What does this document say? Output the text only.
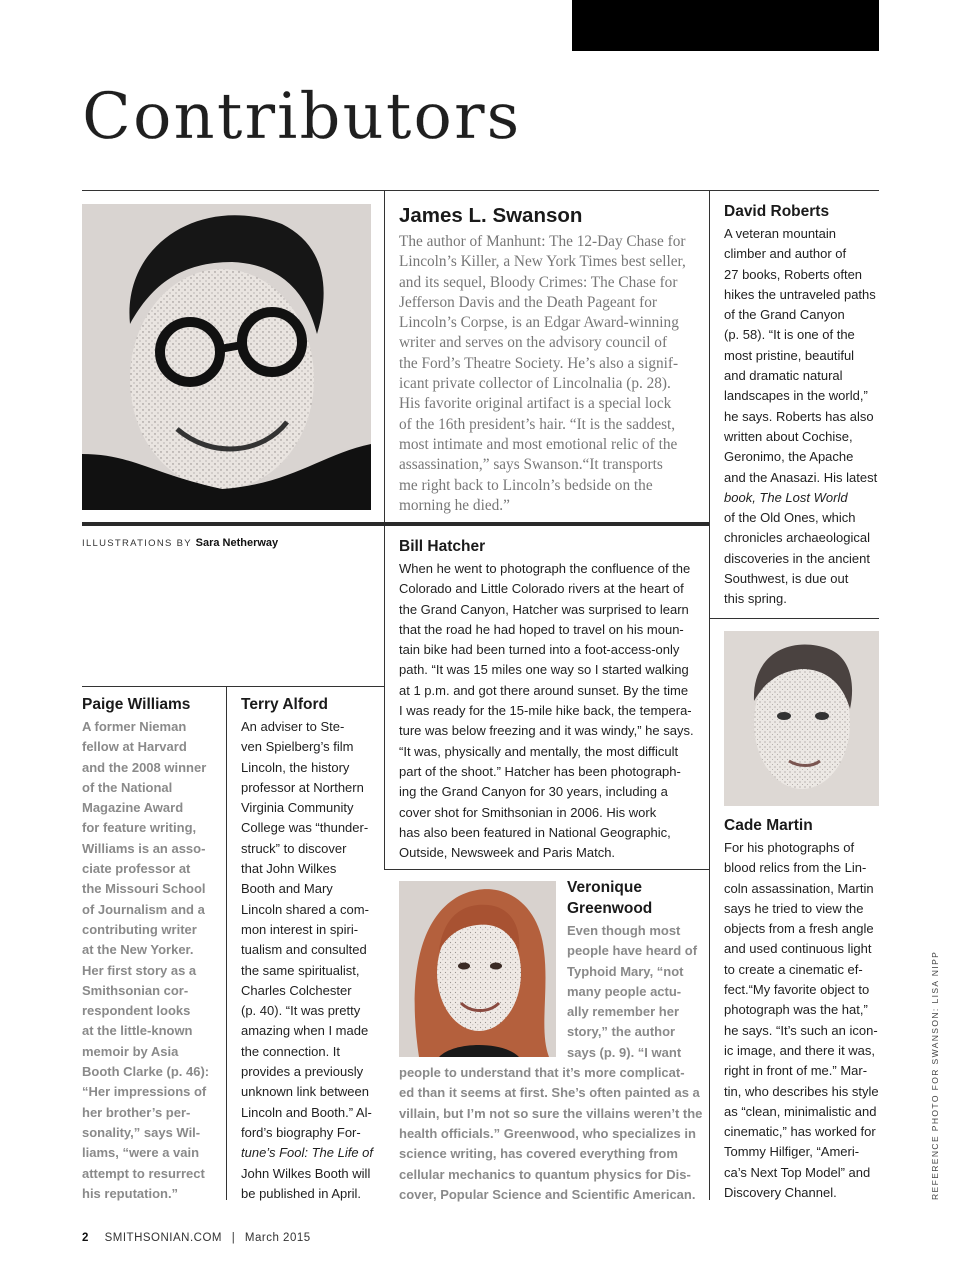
Contributors
ILLUSTRATIONS BY Sara Netherway
James L. Swanson
The author of Manhunt: The 12-Day Chase for
Lincoln’s Killer, a New York Times best seller,
and its sequel, Bloody Crimes: The Chase for
Jefferson Davis and the Death Pageant for
Lincoln’s Corpse, is an Edgar Award-winning
writer and serves on the advisory council of
the Ford’s Theatre Society. He’s also a signif-
icant private collector of Lincolnalia (p. 28).
His favorite original artifact is a special lock
of the 16th president’s hair. “It is the saddest,
most intimate and most emotional relic of the
assassination,” says Swanson.“It transports
me right back to Lincoln’s bedside on the
morning he died.”
David Roberts
A veteran mountain
climber and author of
27 books, Roberts often
hikes the untraveled paths
of the Grand Canyon
(p. 58). “It is one of the
most pristine, beautiful
and dramatic natural
landscapes in the world,”
he says. Roberts has also
written about Cochise,
Geronimo, the Apache
and the Anasazi. His latest
book, The Lost World
of the Old Ones, which
chronicles archaeological
discoveries in the ancient
Southwest, is due out
this spring.
Bill Hatcher
When he went to photograph the confluence of the
Colorado and Little Colorado rivers at the heart of
the Grand Canyon, Hatcher was surprised to learn
that the road he had hoped to travel on his moun-
tain bike had been turned into a foot-access-only
path. “It was 15 miles one way so I started walking
at 1 p.m. and got there around sunset. By the time
I was ready for the 15-mile hike back, the tempera-
ture was below freezing and it was windy,” he says.
“It was, physically and mentally, the most difficult
part of the shoot.” Hatcher has been photograph-
ing the Grand Canyon for 30 years, including a
cover shot for Smithsonian in 2006. His work
has also been featured in National Geographic,
Outside, Newsweek and Paris Match.
Cade Martin
For his photographs of
blood relics from the Lin-
coln assassination, Martin
says he tried to view the
objects from a fresh angle
and used continuous light
to create a cinematic ef-
fect.“My favorite object to
photograph was the hat,”
he says. “It’s such an icon-
ic image, and there it was,
right in front of me.” Mar-
tin, who describes his style
as “clean, minimalistic and
cinematic,” has worked for
Tommy Hilfiger, “Ameri-
ca’s Next Top Model” and
Discovery Channel.
Paige Williams
A former Nieman
fellow at Harvard
and the 2008 winner
of the National
Magazine Award
for feature writing,
Williams is an asso-
ciate professor at
the Missouri School
of Journalism and a
contributing writer
at the New Yorker.
Her first story as a
Smithsonian cor-
respondent looks
at the little-known
memoir by Asia
Booth Clarke (p. 46):
“Her impressions of
her brother’s per-
sonality,” says Wil-
liams, “were a vain
attempt to resurrect
his reputation.”
Terry Alford
An adviser to Ste-
ven Spielberg’s film
Lincoln, the history
professor at Northern
Virginia Community
College was “thunder-
struck” to discover
that John Wilkes
Booth and Mary
Lincoln shared a com-
mon interest in spiri-
tualism and consulted
the same spiritualist,
Charles Colchester
(p. 40). “It was pretty
amazing when I made
the connection. It
provides a previously
unknown link between
Lincoln and Booth.” Al-
ford’s biography For-
tune’s Fool: The Life of
John Wilkes Booth will
be published in April.
Veronique
Greenwood
Even though most
people have heard of
Typhoid Mary, “not
many people actu-
ally remember her
story,” the author
says (p. 9). “I want
people to understand that it’s more complicat-
ed than it seems at first. She’s often painted as a
villain, but I’m not so sure the villains weren’t the
health officials.” Greenwood, who specializes in
science writing, has covered everything from
cellular mechanics to quantum physics for Dis-
cover, Popular Science and Scientific American.
2 SMITHSONIAN.COM | March 2015
REFERENCE PHOTO FOR SWANSON: LISA NIPP
